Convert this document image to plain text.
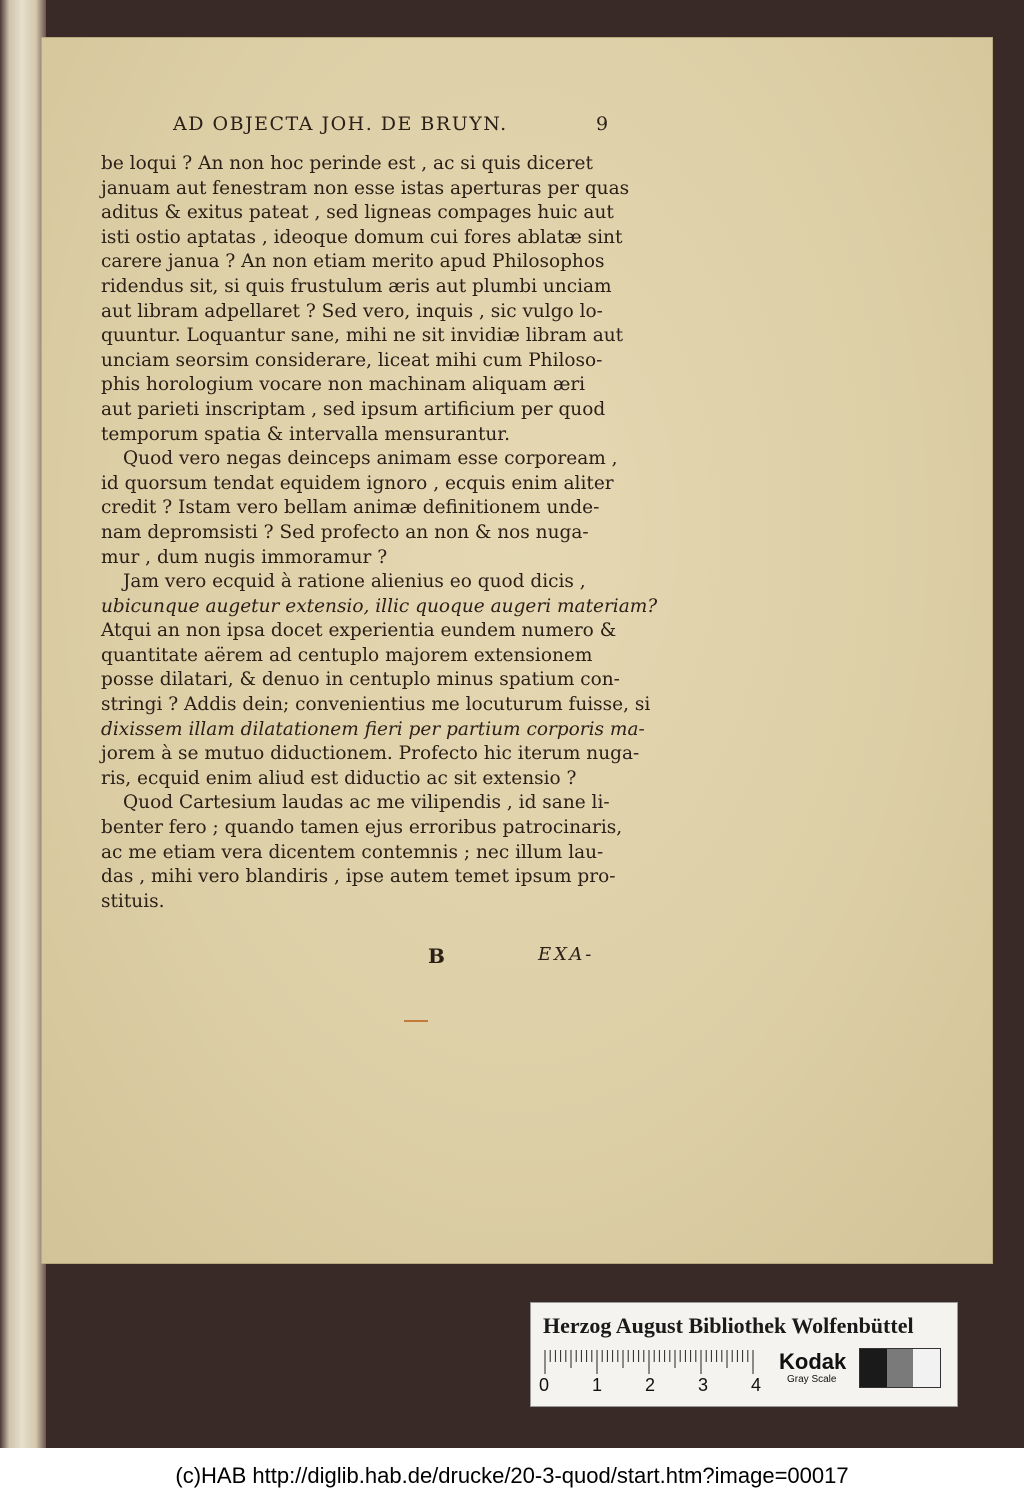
AD OBJECTA JOH. DE BRUYN.	9
be loqui ? An non hoc perinde est , ac si quis diceret
januam aut fenestram non esse istas aperturas per quas
aditus & exitus pateat , sed ligneas compages huic aut
isti ostio aptatas , ideoque domum cui fores ablatæ sint
carere janua ? An non etiam merito apud Philosophos
ridendus sit, si quis frustulum æris aut plumbi unciam
aut libram adpellaret ? Sed vero, inquis , sic vulgo lo-
quuntur. Loquantur sane, mihi ne sit invidiæ libram aut
unciam seorsim considerare, liceat mihi cum Philoso-
phis horologium vocare non machinam aliquam æri
aut parieti inscriptam , sed ipsum artificium per quod
temporum spatia & intervalla mensurantur.
Quod vero negas deinceps animam esse corpoream ,
id quorsum tendat equidem ignoro , ecquis enim aliter
credit ? Istam vero bellam animæ definitionem unde-
nam depromsisti ? Sed profecto an non & nos nuga-
mur , dum nugis immoramur ?
Jam vero ecquid à ratione alienius eo quod dicis ,
ubicunque augetur extensio, illic quoque augeri materiam?
Atqui an non ipsa docet experientia eundem numero &
quantitate aërem ad centuplo majorem extensionem
posse dilatari, & denuo in centuplo minus spatium con-
stringi ? Addis dein; convenientius me locuturum fuisse, si
dixissem illam dilatationem fieri per partium corporis ma-
jorem à se mutuo diductionem. Profecto hic iterum nuga-
ris, ecquid enim aliud est diductio ac sit extensio ?
Quod Cartesium laudas ac me vilipendis , id sane li-
benter fero ; quando tamen ejus erroribus patrocinaris,
ac me etiam vera dicentem contemnis ; nec illum lau-
das , mihi vero blandiris , ipse autem temet ipsum pro-
stituis.
B	EXA-
Herzog August Bibliothek Wolfenbüttel
0 1 2 3 4
Kodak
Gray Scale
(c)HAB http://diglib.hab.de/drucke/20-3-quod/start.htm?image=00017
